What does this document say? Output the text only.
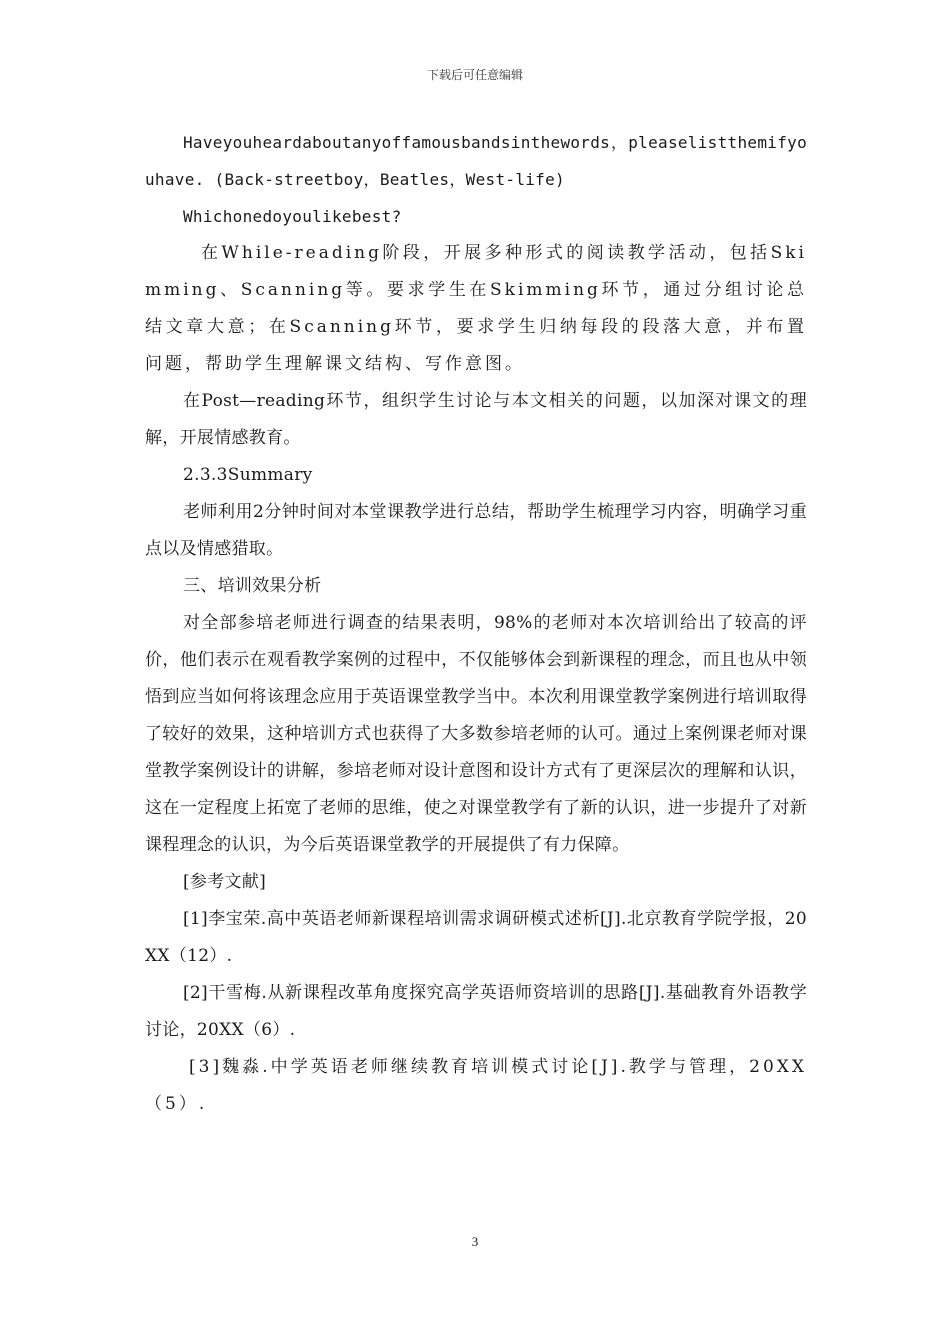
下载后可任意编辑

Haveyouheardaboutanyoffamousbandsinthewords，pleaselistthemifyouhave. (Back-streetboy，Beatles，West-life)

Whichonedoyoulikebest?

在While-reading阶段，开展多种形式的阅读教学活动，包括Skimming、Scanning等。要求学生在Skimming环节，通过分组讨论总结文章大意；在Scanning环节，要求学生归纳每段的段落大意，并布置问题，帮助学生理解课文结构、写作意图。

在Post—reading环节，组织学生讨论与本文相关的问题，以加深对课文的理解，开展情感教育。

2.3.3Summary

老师利用2分钟时间对本堂课教学进行总结，帮助学生梳理学习内容，明确学习重点以及情感猎取。

三、培训效果分析

对全部参培老师进行调查的结果表明，98%的老师对本次培训给出了较高的评价，他们表示在观看教学案例的过程中，不仅能够体会到新课程的理念，而且也从中领悟到应当如何将该理念应用于英语课堂教学当中。本次利用课堂教学案例进行培训取得了较好的效果，这种培训方式也获得了大多数参培老师的认可。通过上案例课老师对课堂教学案例设计的讲解，参培老师对设计意图和设计方式有了更深层次的理解和认识，这在一定程度上拓宽了老师的思维，使之对课堂教学有了新的认识，进一步提升了对新课程理念的认识，为今后英语课堂教学的开展提供了有力保障。

[参考文献]

[1]李宝荣.高中英语老师新课程培训需求调研模式述析[J].北京教育学院学报，20XX（12）.

[2]干雪梅.从新课程改革角度探究高学英语师资培训的思路[J].基础教育外语教学讨论，20XX（6）.

[3]魏淼.中学英语老师继续教育培训模式讨论[J].教学与管理，20XX（5）.

3
